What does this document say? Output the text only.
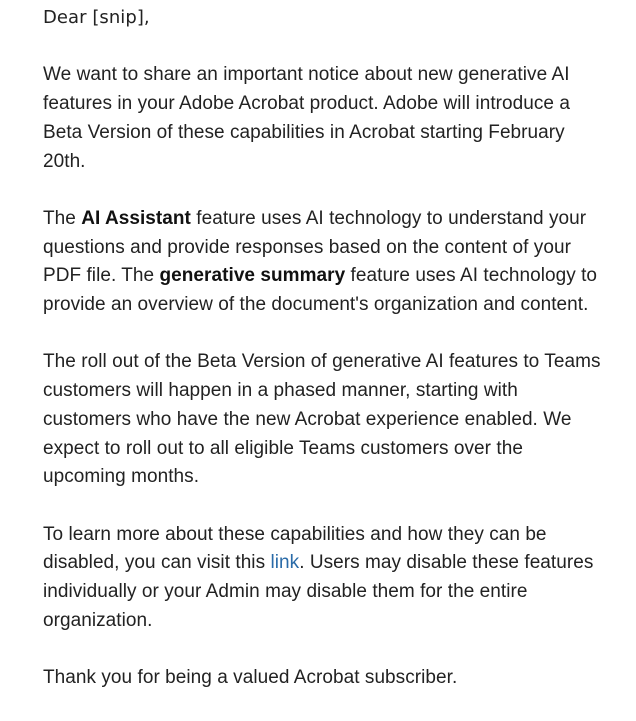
Dear [snip],

We want to share an important notice about new generative AI features in your Adobe Acrobat product. Adobe will introduce a Beta Version of these capabilities in Acrobat starting February 20th.

The AI Assistant feature uses AI technology to understand your questions and provide responses based on the content of your PDF file. The generative summary feature uses AI technology to provide an overview of the document's organization and content.

The roll out of the Beta Version of generative AI features to Teams customers will happen in a phased manner, starting with customers who have the new Acrobat experience enabled. We expect to roll out to all eligible Teams customers over the upcoming months.

To learn more about these capabilities and how they can be disabled, you can visit this link. Users may disable these features individually or your Admin may disable them for the entire organization.

Thank you for being a valued Acrobat subscriber.
